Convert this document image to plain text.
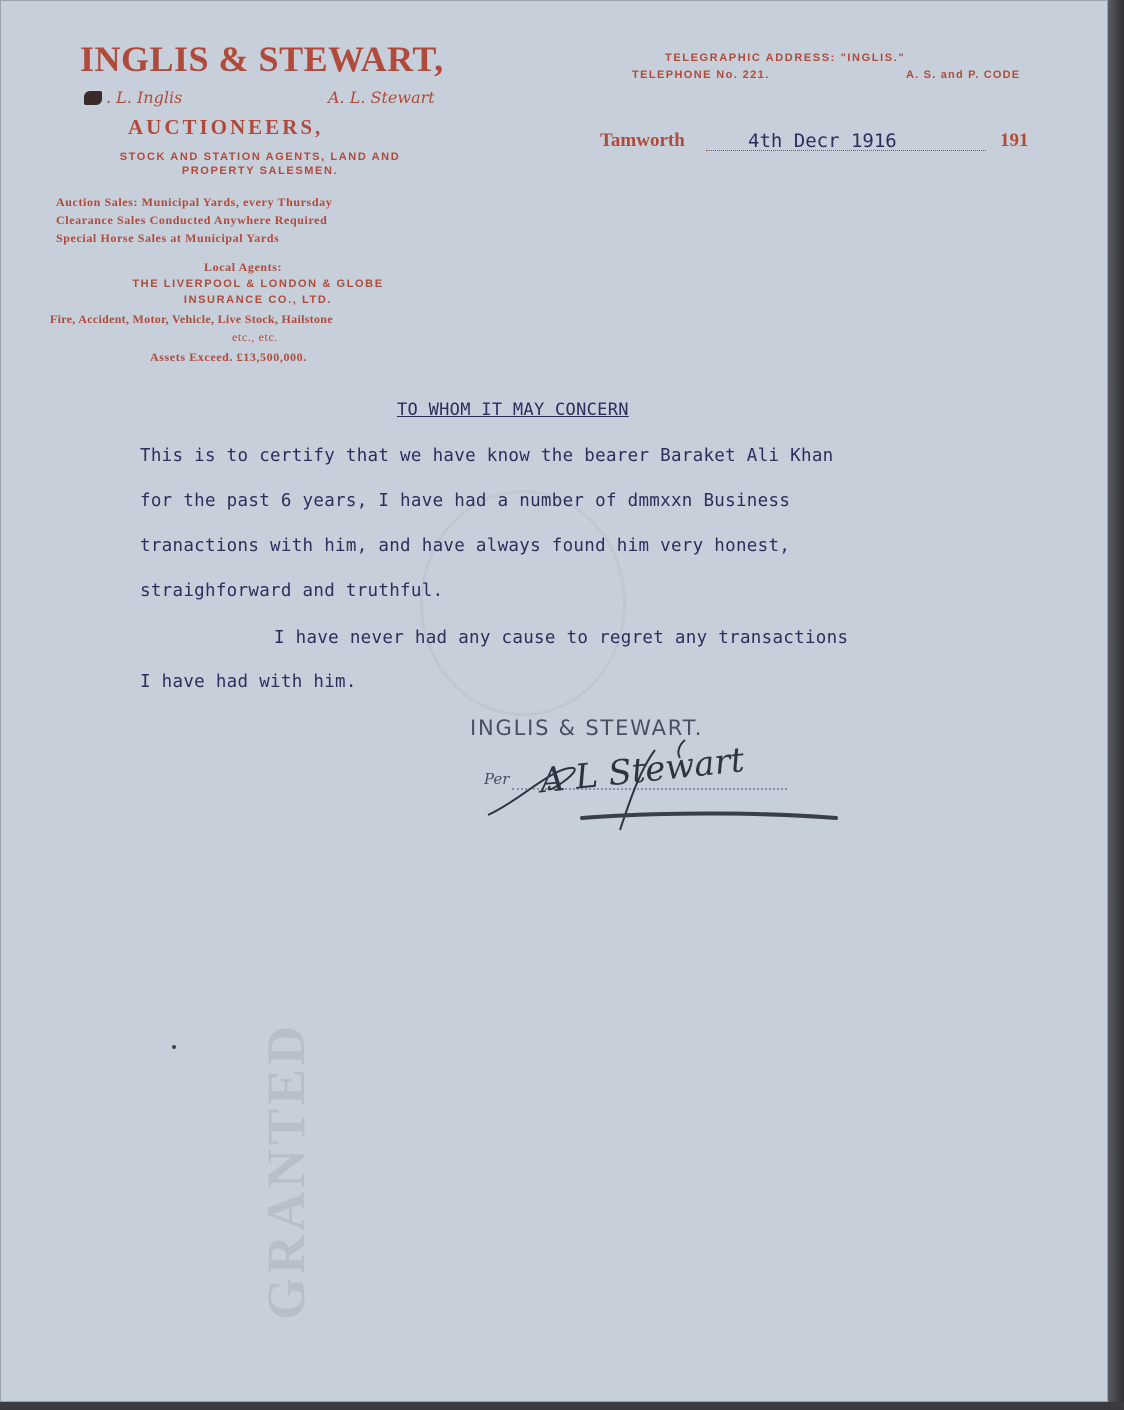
GRANTED
INGLIS & STEWART,
. L. Inglis	A. L. Stewart
AUCTIONEERS,
STOCK AND STATION AGENTS, LAND AND
PROPERTY SALESMEN.
Auction Sales: Municipal Yards, every Thursday
Clearance Sales Conducted Anywhere Required
Special Horse Sales at Municipal Yards
Local Agents:
THE LIVERPOOL & LONDON & GLOBE
INSURANCE CO., LTD.
Fire, Accident, Motor, Vehicle, Live Stock, Hailstone
etc., etc.
Assets Exceed. £13,500,000.
TELEGRAPHIC ADDRESS: "INGLIS."
TELEPHONE No. 221.	A. S. and P. CODE
Tamworth	4th Decr 1916	191
TO WHOM IT MAY CONCERN
This is to certify that we have know the bearer Baraket Ali Khan
for the past 6 years, I have had a number of dmmxxn Business
tranactions with him, and have always found him very honest,
straighforward and truthful.
I have never had any cause to regret any transactions
I have had with him.
INGLIS & STEWART.
Per A L Stewart
